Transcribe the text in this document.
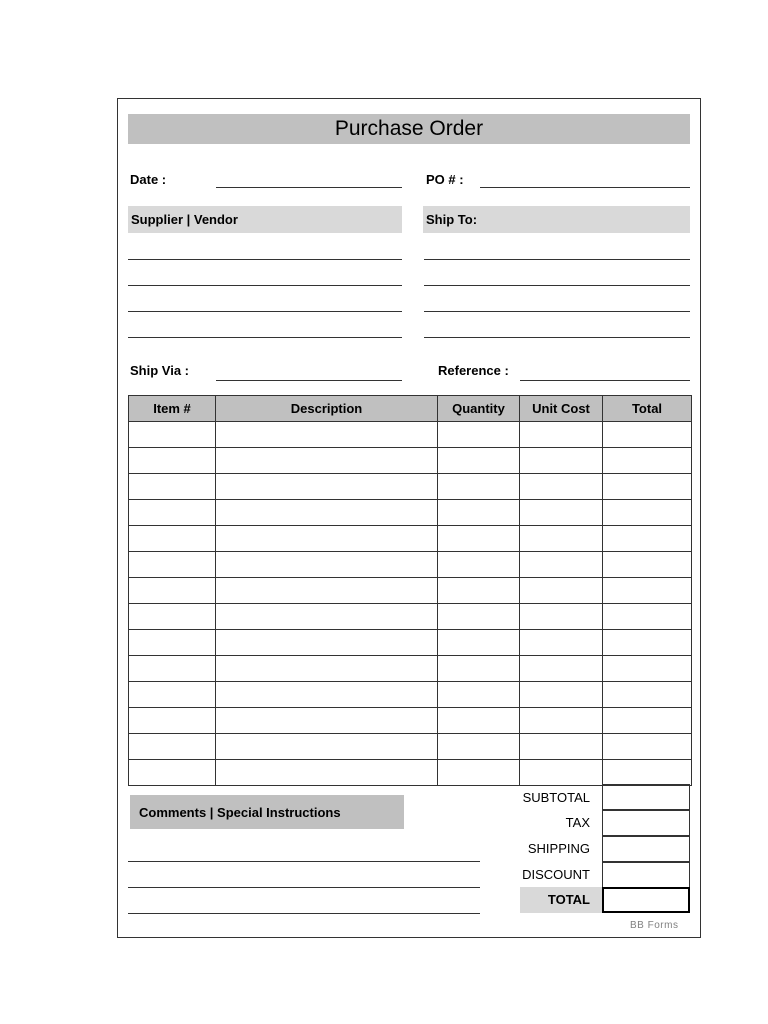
Purchase Order
Date :	PO # :
Supplier | Vendor	Ship To:
Ship Via :	Reference :
Item #	Description	Quantity	Unit Cost	Total

Comments | Special Instructions
SUBTOTAL
TAX
SHIPPING
DISCOUNT
TOTAL
BB Forms
